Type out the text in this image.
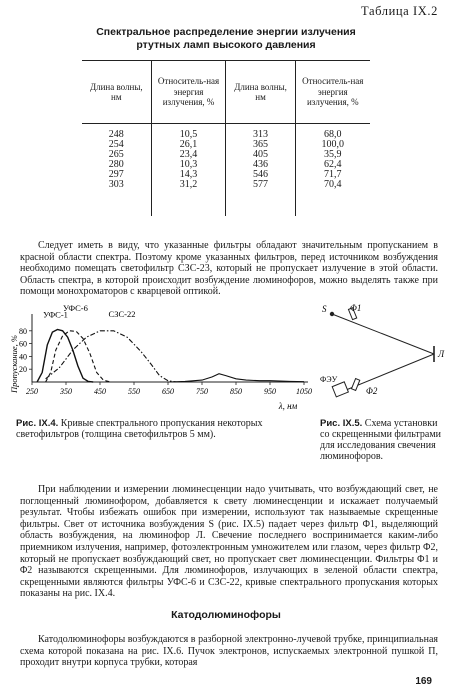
Таблица IX.2
Спектральное распределение энергии излучения
ртутных ламп высокого давления
Длина волны, нм	Относитель-ная энергия излучения, %	Длина волны, нм	Относитель-ная энергия излучения, %
248	10,5	313	68,0
254	26,1	365	100,0
265	23,4	405	35,9
280	10,3	436	62,4
297	14,3	546	71,7
303	31,2	577	70,4

Следует иметь в виду, что указанные фильтры обладают значительным пропусканием в красной области спектра. Поэтому кроме указанных фильтров, перед источником возбуждения необходимо помещать светофильтр СЗС-23, который не пропускает излучение в этой области. Область спектра, в которой происходит возбуждение люминофоров, можно выделять также при помощи монохроматоров с кварцевой оптикой.

Пропускание, % 20
40
60
80
250	350	450	550	650	750	850	950	1050
УФС-1
УФС-6
СЗС-22
λ, нм
S	Φ1
Л
ФЭУ
Φ2
Рис. IX.4. Кривые спектрального пропускания некоторых светофильтров (толщина светофильтров 5 мм).
Рис. IX.5. Схема установки со скрещенными фильтрами для исследования свечения люминофоров.

При наблюдении и измерении люминесценции надо учитывать, что возбуждающий свет, не поглощенный люминофором, добавляется к свету люминесценции и искажает получаемый результат. Чтобы избежать ошибок при измерении, используют так называемые скрещенные фильтры. Свет от источника возбуждения S (рис. IX.5) падает через фильтр Φ1, выделяющий область возбуждения, на люминофор Л. Свечение последнего воспринимается каким-либо приемником излучения, например, фотоэлектронным умножителем или глазом, через фильтр Φ2, который не пропускает возбуждающий свет, но пропускает свет люминесценции. Фильтры Φ1 и Φ2 называются скрещенными. Для люминофоров, излучающих в зеленой области спектра, скрещенными являются фильтры УФС-6 и СЗС-22, кривые спектрального пропускания которых показаны на рис. IX.4.

Катодолюминофоры

Катодолюминофоры возбуждаются в разборной электронно-лучевой трубке, принципиальная схема которой показана на рис. IX.6. Пучок электронов, испускаемых электронной пушкой П, проходит внутри корпуса трубки, которая

169
